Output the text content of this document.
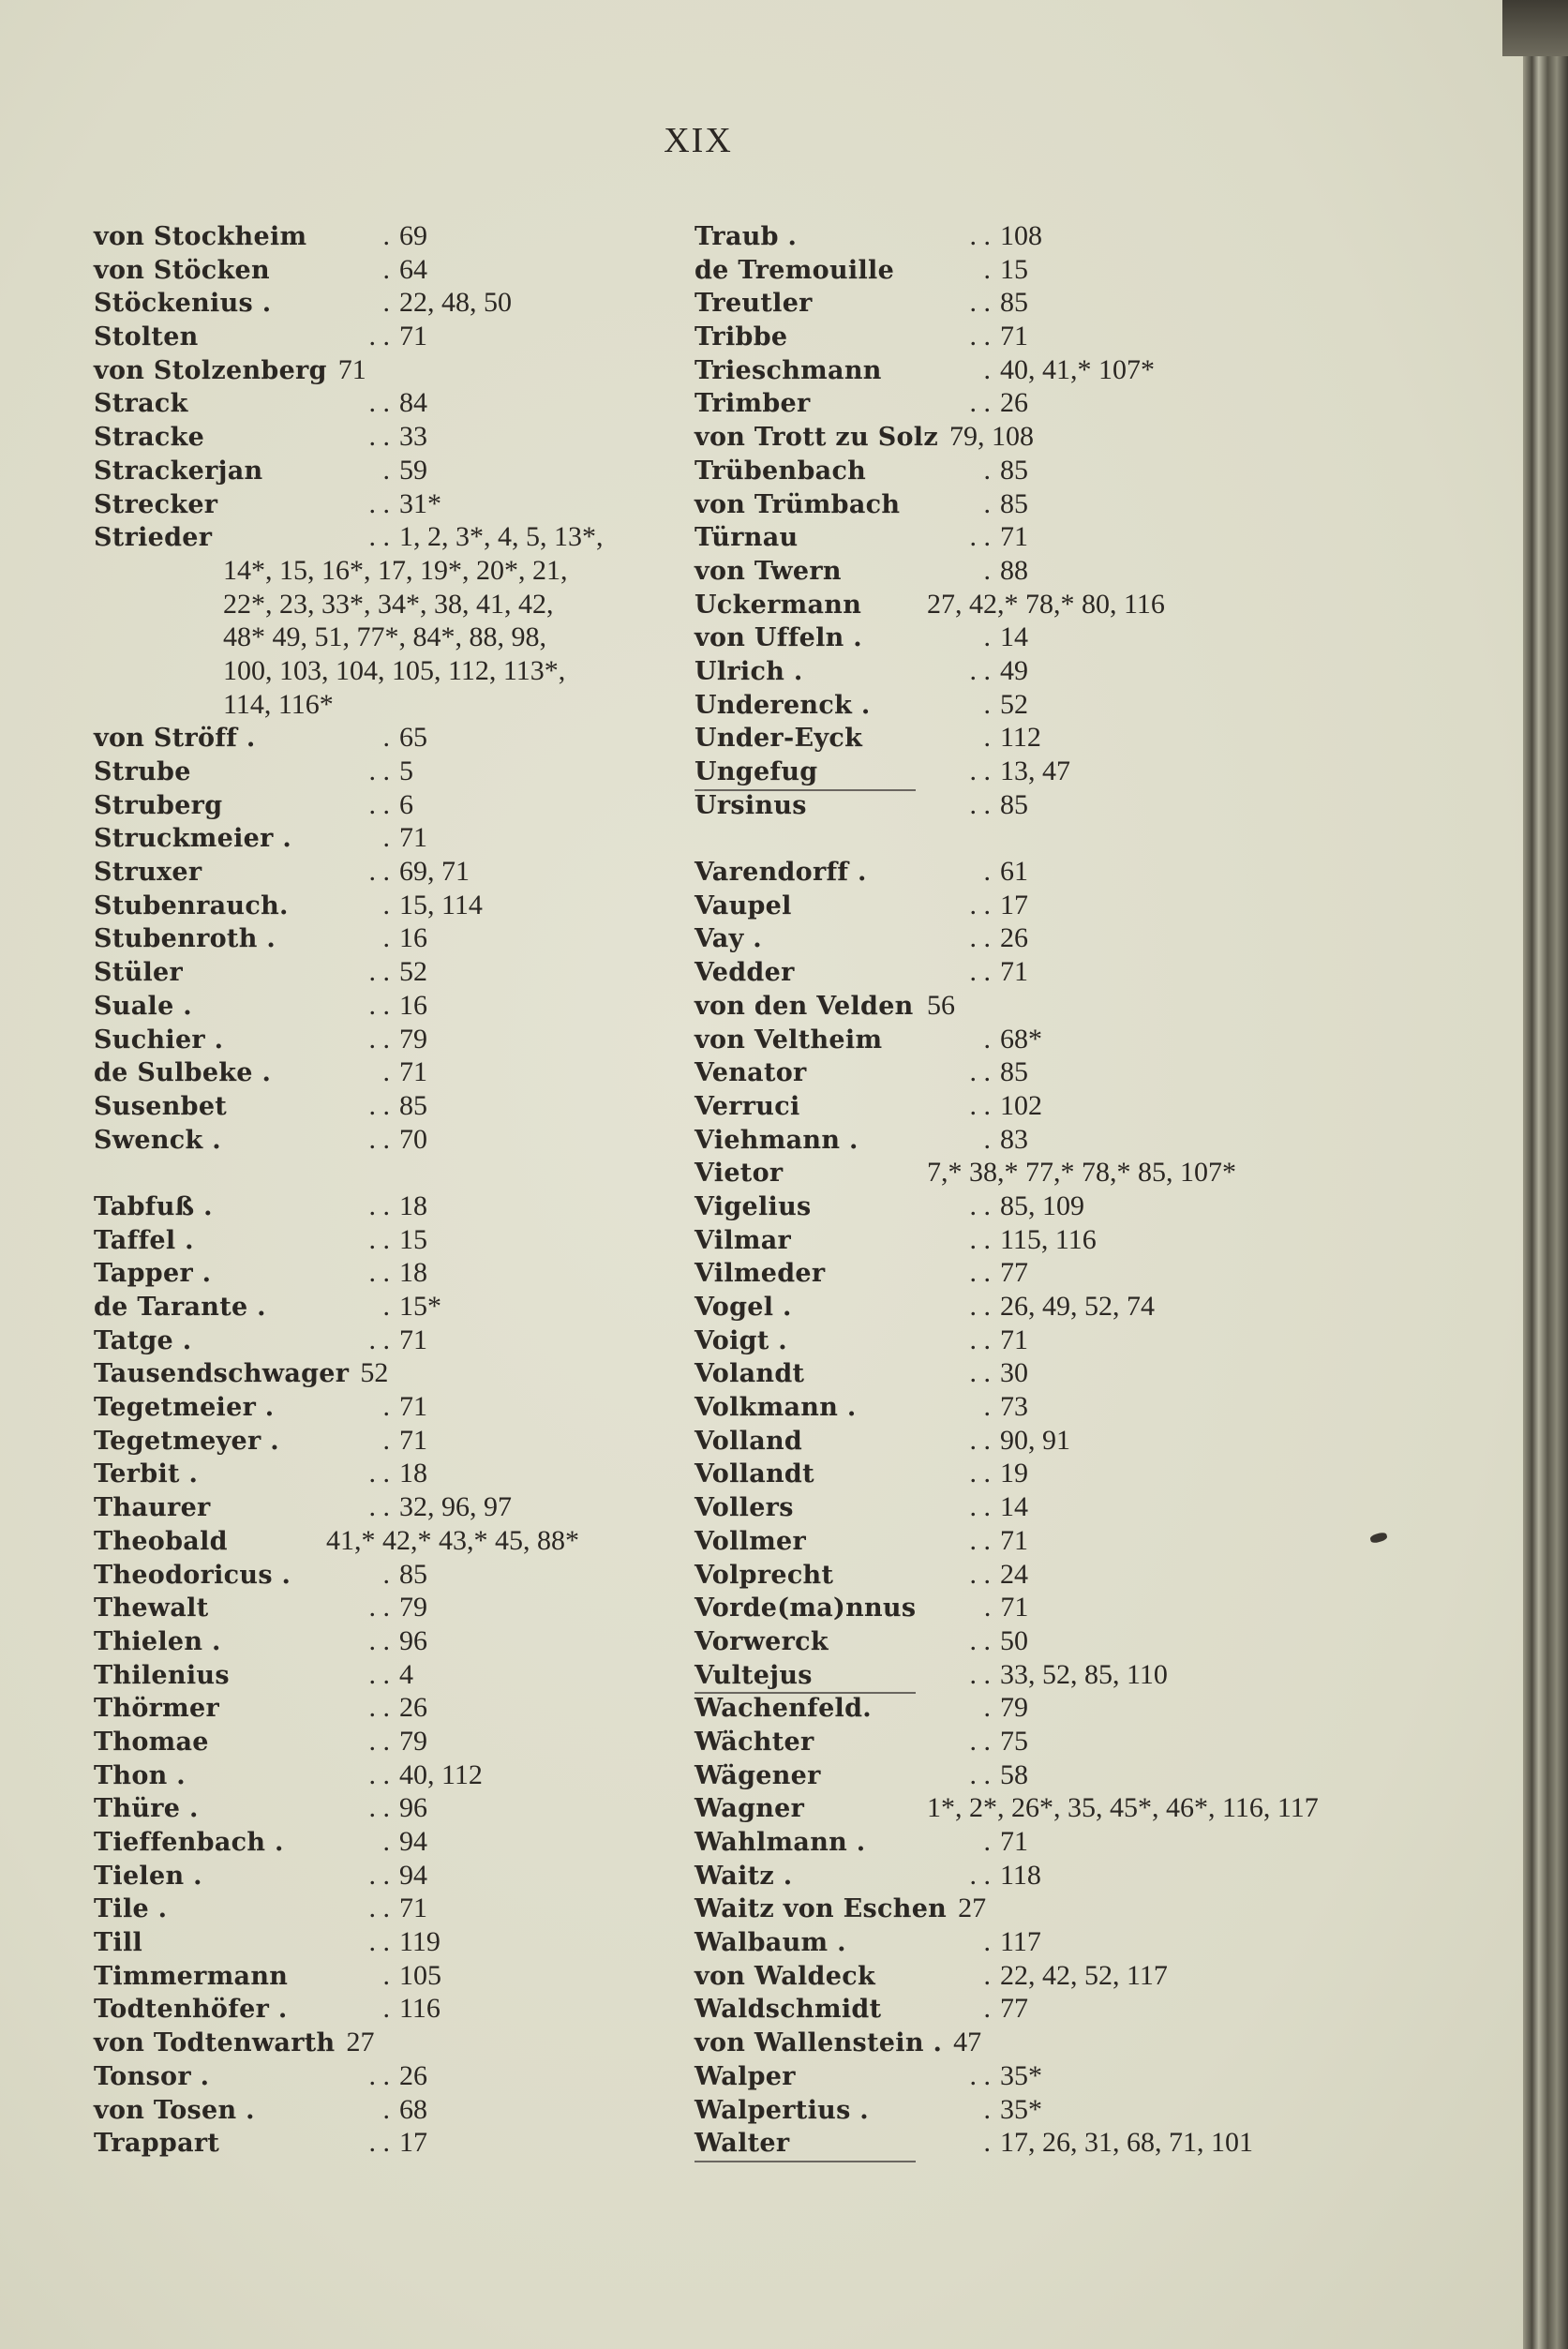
XIX
von Stockheim	. 69
von Stöcken	. 64
Stöckenius .	. 22, 48, 50
Stolten	. . 71
von Stolzenberg 71
Strack	. . 84
Stracke	. . 33
Strackerjan	. 59
Strecker	. . 31*
Strieder	. . 1, 2, 3*, 4, 5, 13*,
14*, 15, 16*, 17, 19*, 20*, 21,
22*, 23, 33*, 34*, 38, 41, 42,
48* 49, 51, 77*, 84*, 88, 98,
100, 103, 104, 105, 112, 113*,
114, 116*
von Ströff .	. 65
Strube	. . 5
Struberg	. . 6
Struckmeier .	. 71
Struxer	. . 69, 71
Stubenrauch.	. 15, 114
Stubenroth .	. 16
Stüler	. . 52
Suale .	. . 16
Suchier .	. . 79
de Sulbeke .	. 71
Susenbet	. . 85
Swenck .	. . 70
Tabfuß .	. . 18
Taffel .	. . 15
Tapper .	. . 18
de Tarante .	. 15*
Tatge .	. . 71
Tausendschwager 52
Tegetmeier .	. 71
Tegetmeyer .	. 71
Terbit .	. . 18
Thaurer	. . 32, 96, 97
Theobald	41,* 42,* 43,* 45, 88*
Theodoricus .	. 85
Thewalt	. . 79
Thielen .	. . 96
Thilenius	. . 4
Thörmer	. . 26
Thomae	. . 79
Thon .	. . 40, 112
Thüre .	. . 96
Tieffenbach .	. 94
Tielen .	. . 94
Tile .	. . 71
Till	. . 119
Timmermann	. 105
Todtenhöfer .	. 116
von Todtenwarth 27
Tonsor .	. . 26
von Tosen .	. 68
Trappart	. . 17
Traub .	. . 108
de Tremouille	. 15
Treutler	. . 85
Tribbe	. . 71
Trieschmann	. 40, 41,* 107*
Trimber	. . 26
von Trott zu Solz 79, 108
Trübenbach	. 85
von Trümbach	. 85
Türnau	. . 71
von Twern	. 88
Uckermann 27, 42,* 78,* 80, 116
von Uffeln .	. 14
Ulrich .	. . 49
Underenck .	. 52
Under-Eyck	. 112
Ungefug	. . 13, 47
Ursinus	. . 85
Varendorff .	. 61
Vaupel	. . 17
Vay .	. . 26
Vedder	. . 71
von den Velden 56
von Veltheim	. 68*
Venator	. . 85
Verruci	. . 102
Viehmann .	. 83
Vietor	7,* 38,* 77,* 78,* 85, 107*
Vigelius	. . 85, 109
Vilmar	. . 115, 116
Vilmeder	. . 77
Vogel .	. . 26, 49, 52, 74
Voigt .	. . 71
Volandt	. . 30
Volkmann .	. 73
Volland	. . 90, 91
Vollandt	. . 19
Vollers	. . 14
Vollmer	. . 71
Volprecht	. . 24
Vorde(ma)nnus . 71
Vorwerck	. . 50
Vultejus	. . 33, 52, 85, 110
Wachenfeld.	. 79
Wächter	. . 75
Wägener	. . 58
Wagner	1*, 2*, 26*, 35, 45*, 46*, 116, 117
Wahlmann .	. 71
Waitz .	. . 118
Waitz von Eschen 27
Walbaum .	. 117
von Waldeck	. 22, 42, 52, 117
Waldschmidt	. 77
von Wallenstein . 47
Walper	. . 35*
Walpertius .	. 35*
Walter	. 17, 26, 31, 68, 71, 101
